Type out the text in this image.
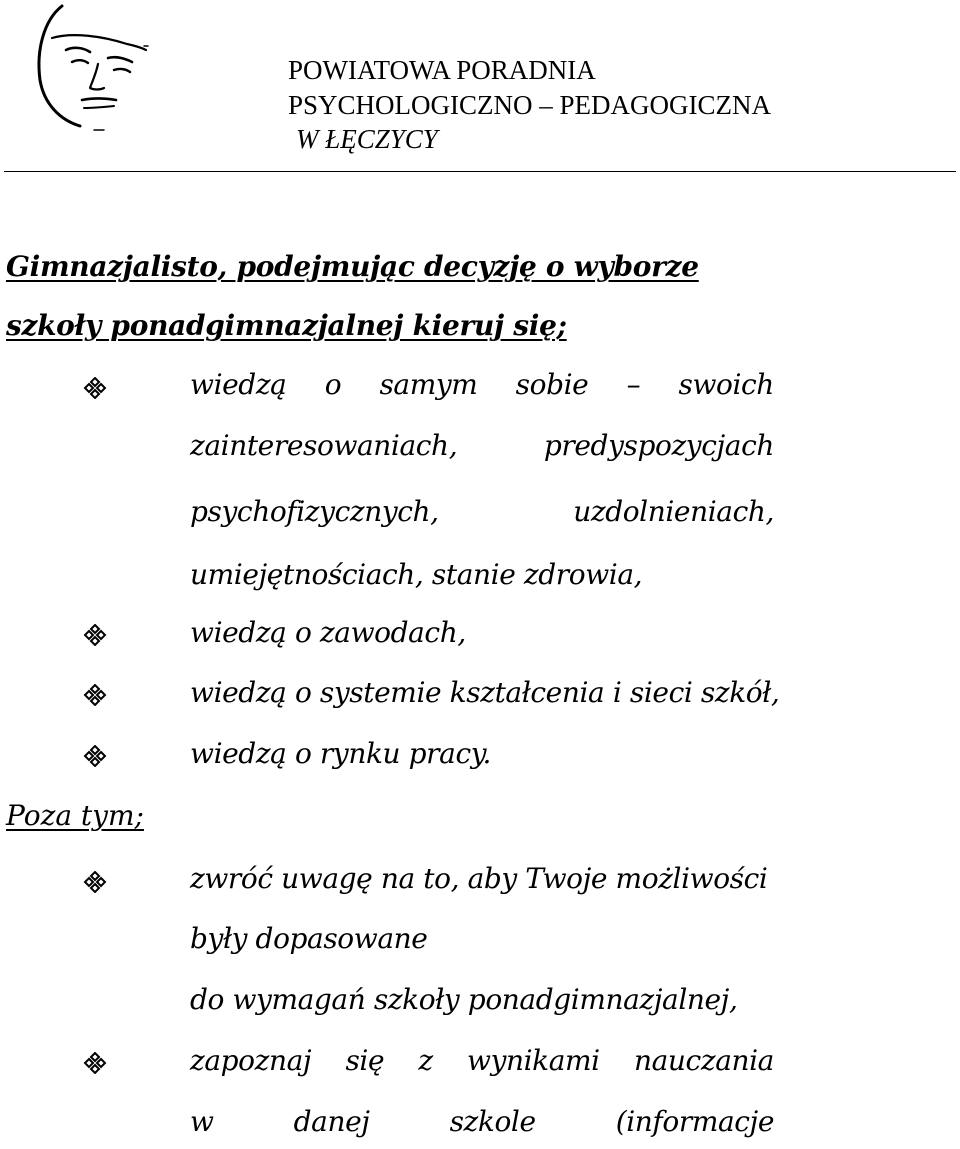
POWIATOWA PORADNIA
PSYCHOLOGICZNO – PEDAGOGICZNA
W ŁĘCZYCY
Gimnazjalisto, podejmując decyzję o wyborze
szkoły ponadgimnazjalnej kieruj się;
wiedzą o samym sobie – swoich
zainteresowaniach,	predyspozycjach
psychofizycznych,	uzdolnieniach,
umiejętnościach, stanie zdrowia,
wiedzą o zawodach,
wiedzą o systemie kształcenia i sieci szkół,
wiedzą o rynku pracy.
Poza tym;
zwróć uwagę na to, aby Twoje możliwości
były dopasowane
do wymagań szkoły ponadgimnazjalnej,
zapoznaj się z wynikami nauczania
w	danej	szkole	(informacje
